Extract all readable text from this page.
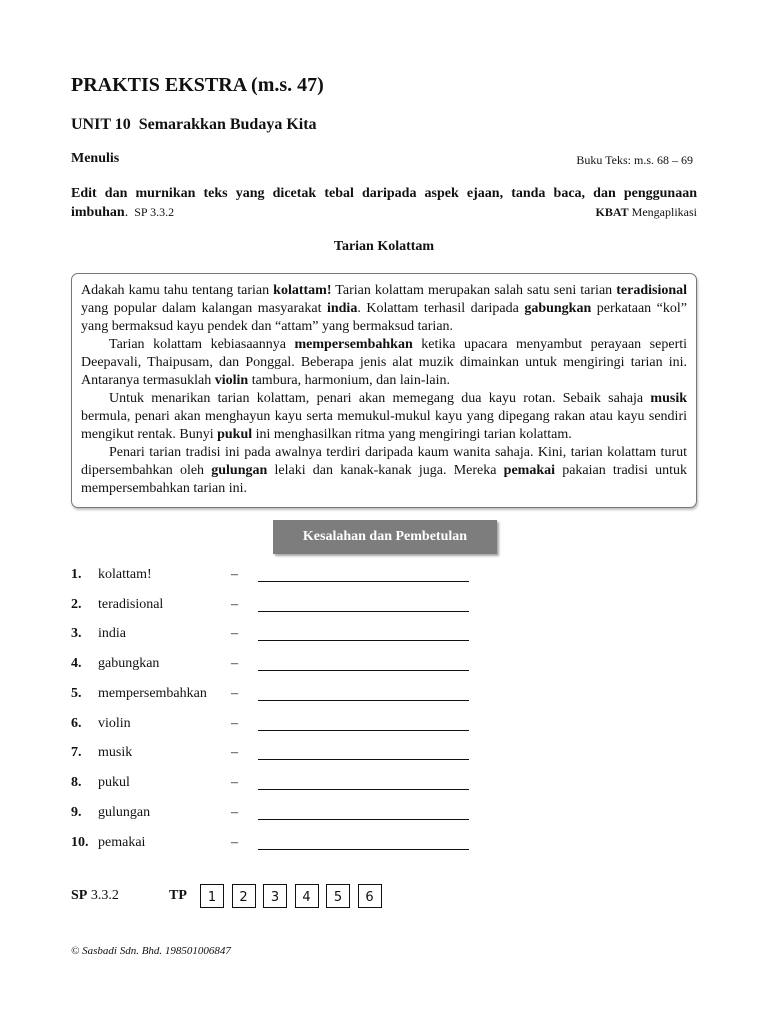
PRAKTIS EKSTRA (m.s. 47)
UNIT 10 Semarakkan Budaya Kita
Menulis	Buku Teks: m.s. 68 – 69
Edit dan murnikan teks yang dicetak tebal daripada aspek ejaan, tanda baca, dan penggunaan imbuhan. SP 3.3.2	KBAT Mengaplikasi
Tarian Kolattam

Adakah kamu tahu tentang tarian kolattam! Tarian kolattam merupakan salah satu seni tarian teradisional yang popular dalam kalangan masyarakat india. Kolattam terhasil daripada gabungkan perkataan “kol” yang bermaksud kayu pendek dan “attam” yang bermaksud tarian.

Tarian kolattam kebiasaannya mempersembahkan ketika upacara menyambut perayaan seperti Deepavali, Thaipusam, dan Ponggal. Beberapa jenis alat muzik dimainkan untuk mengiringi tarian ini. Antaranya termasuklah violin tambura, harmonium, dan lain-lain.

Untuk menarikan tarian kolattam, penari akan memegang dua kayu rotan. Sebaik sahaja musik bermula, penari akan menghayun kayu serta memukul-mukul kayu yang dipegang rakan atau kayu sendiri mengikut rentak. Bunyi pukul ini menghasilkan ritma yang mengiringi tarian kolattam.

Penari tarian tradisi ini pada awalnya terdiri daripada kaum wanita sahaja. Kini, tarian kolattam turut dipersembahkan oleh gulungan lelaki dan kanak-kanak juga. Mereka pemakai pakaian tradisi untuk mempersembahkan tarian ini.

Kesalahan dan Pembetulan
1. kolattam!	–
2. teradisional	–
3. india	–
4. gabungkan	–
5. mempersembahkan –
6. violin	–
7. musik	–
8. pukul	–
9. gulungan	–
10. pemakai	–
SP 3.3.2	TP	1	2	3	4	5	6
© Sasbadi Sdn. Bhd. 198501006847
